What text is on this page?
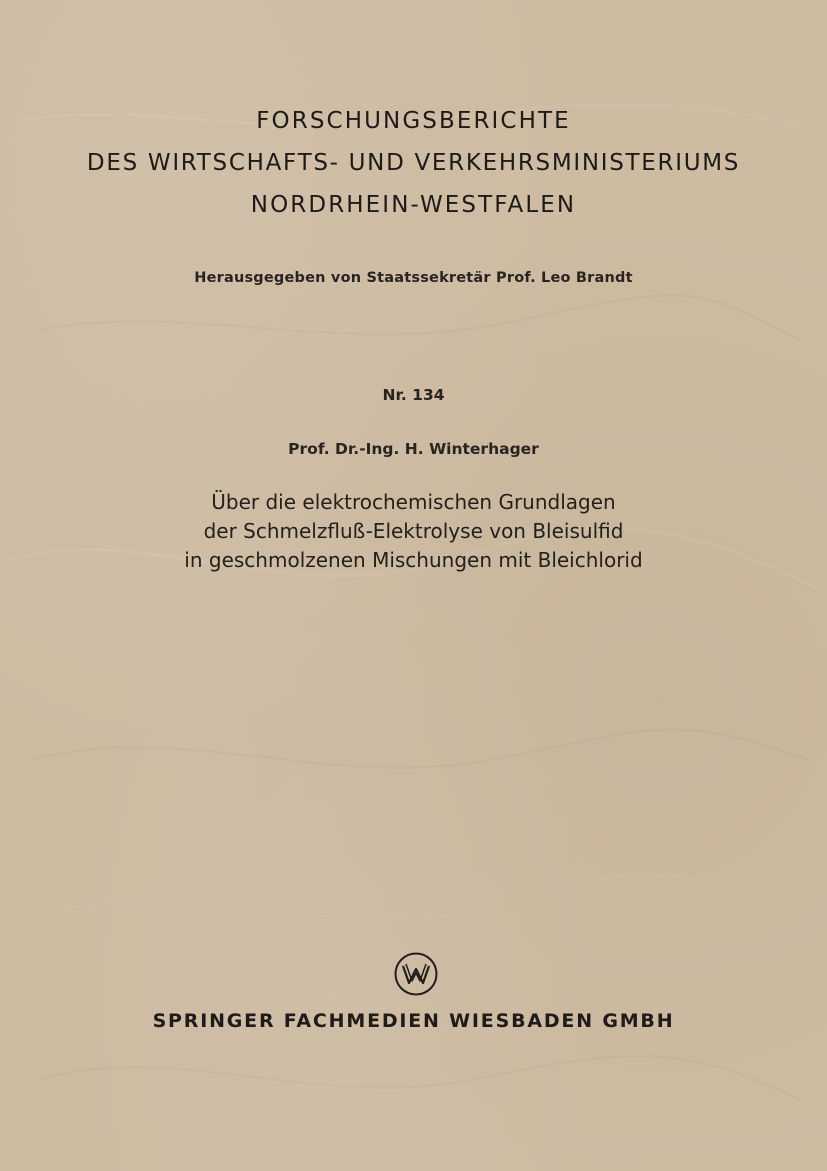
FORSCHUNGSBERICHTE
DES WIRTSCHAFTS- UND VERKEHRSMINISTERIUMS
NORDRHEIN-WESTFALEN
Herausgegeben von Staatssekretär Prof. Leo Brandt
Nr. 134
Prof. Dr.-Ing. H. Winterhager
Über die elektrochemischen Grundlagen
der Schmelzfluß-Elektrolyse von Bleisulfid
in geschmolzenen Mischungen mit Bleichlorid
SPRINGER FACHMEDIEN WIESBADEN GMBH
